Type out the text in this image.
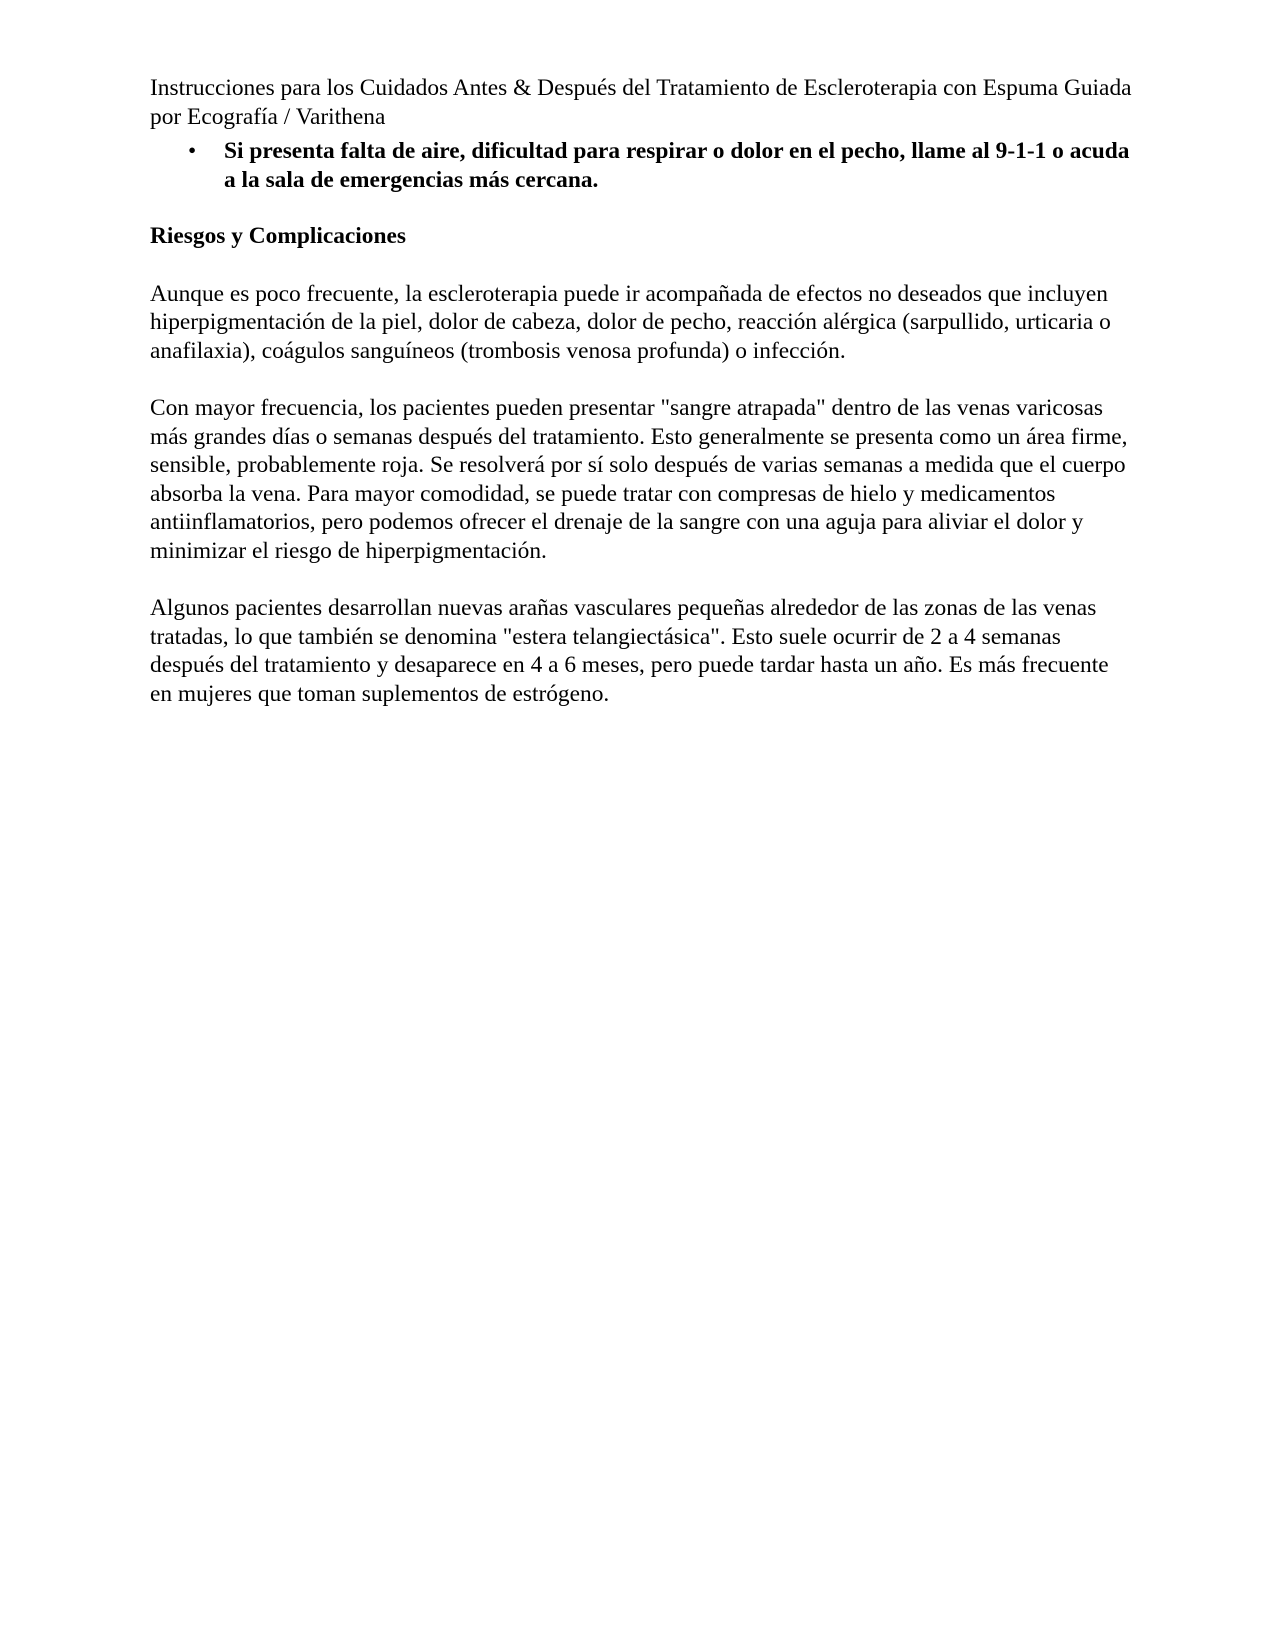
Instrucciones para los Cuidados Antes & Después del Tratamiento de Escleroterapia con Espuma Guiada por Ecografía / Varithena

• Si presenta falta de aire, dificultad para respirar o dolor en el pecho, llame al 9-1-1 o acuda a la sala de emergencias más cercana.

Riesgos y Complicaciones

Aunque es poco frecuente, la escleroterapia puede ir acompañada de efectos no deseados que incluyen hiperpigmentación de la piel, dolor de cabeza, dolor de pecho, reacción alérgica (sarpullido, urticaria o anafilaxia), coágulos sanguíneos (trombosis venosa profunda) o infección.

Con mayor frecuencia, los pacientes pueden presentar "sangre atrapada" dentro de las venas varicosas más grandes días o semanas después del tratamiento. Esto generalmente se presenta como un área firme, sensible, probablemente roja. Se resolverá por sí solo después de varias semanas a medida que el cuerpo absorba la vena. Para mayor comodidad, se puede tratar con compresas de hielo y medicamentos antiinflamatorios, pero podemos ofrecer el drenaje de la sangre con una aguja para aliviar el dolor y minimizar el riesgo de hiperpigmentación.

Algunos pacientes desarrollan nuevas arañas vasculares pequeñas alrededor de las zonas de las venas tratadas, lo que también se denomina "estera telangiectásica". Esto suele ocurrir de 2 a 4 semanas después del tratamiento y desaparece en 4 a 6 meses, pero puede tardar hasta un año. Es más frecuente en mujeres que toman suplementos de estrógeno.
